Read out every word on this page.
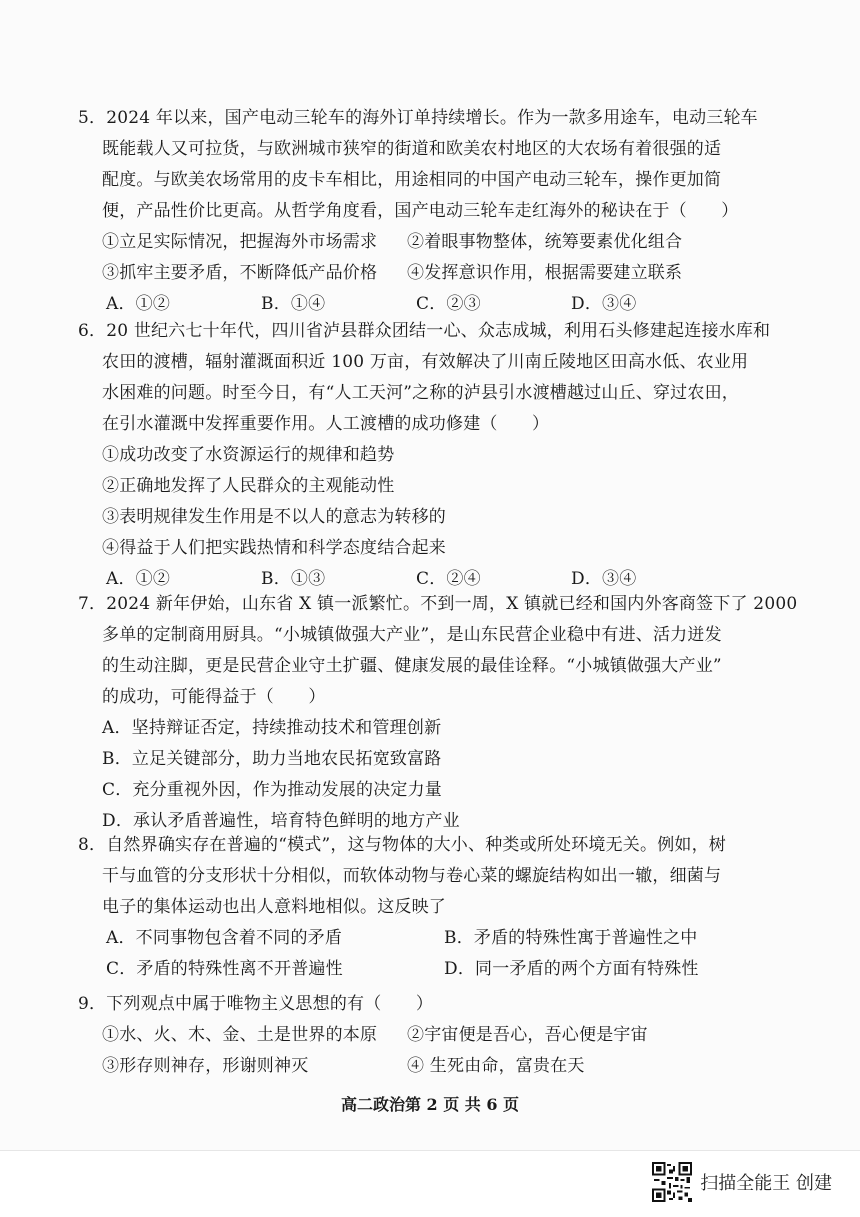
5．2024 年以来，国产电动三轮车的海外订单持续增长。作为一款多用途车，电动三轮车
既能载人又可拉货，与欧洲城市狭窄的街道和欧美农村地区的大农场有着很强的适
配度。与欧美农场常用的皮卡车相比，用途相同的中国产电动三轮车，操作更加简
便，产品性价比更高。从哲学角度看，国产电动三轮车走红海外的秘诀在于（　　）
①立足实际情况，把握海外市场需求	②着眼事物整体，统筹要素优化组合
③抓牢主要矛盾，不断降低产品价格	④发挥意识作用，根据需要建立联系
A．①②	B．①④	C．②③	D．③④
6．20 世纪六七十年代，四川省泸县群众团结一心、众志成城，利用石头修建起连接水库和
农田的渡槽，辐射灌溉面积近 100 万亩，有效解决了川南丘陵地区田高水低、农业用
水困难的问题。时至今日，有“人工天河”之称的泸县引水渡槽越过山丘、穿过农田，
在引水灌溉中发挥重要作用。人工渡槽的成功修建（　　）
①成功改变了水资源运行的规律和趋势
②正确地发挥了人民群众的主观能动性
③表明规律发生作用是不以人的意志为转移的
④得益于人们把实践热情和科学态度结合起来
A．①②	B．①③	C．②④	D．③④
7．2024 新年伊始，山东省 X 镇一派繁忙。不到一周，X 镇就已经和国内外客商签下了 2000
多单的定制商用厨具。“小城镇做强大产业”，是山东民营企业稳中有进、活力迸发
的生动注脚，更是民营企业守土扩疆、健康发展的最佳诠释。“小城镇做强大产业”
的成功，可能得益于（　　）
A．坚持辩证否定，持续推动技术和管理创新
B．立足关键部分，助力当地农民拓宽致富路
C．充分重视外因，作为推动发展的决定力量
D．承认矛盾普遍性，培育特色鲜明的地方产业
8．自然界确实存在普遍的“模式”，这与物体的大小、种类或所处环境无关。例如，树
干与血管的分支形状十分相似，而软体动物与卷心菜的螺旋结构如出一辙，细菌与
电子的集体运动也出人意料地相似。这反映了
A．不同事物包含着不同的矛盾	B．矛盾的特殊性寓于普遍性之中
C．矛盾的特殊性离不开普遍性	D．同一矛盾的两个方面有特殊性
9．下列观点中属于唯物主义思想的有（　　）
①水、火、木、金、土是世界的本原	②宇宙便是吾心，吾心便是宇宙
③形存则神存，形谢则神灭	④ 生死由命，富贵在天
高二政治第 2 页 共 6 页
扫描全能王 创建
